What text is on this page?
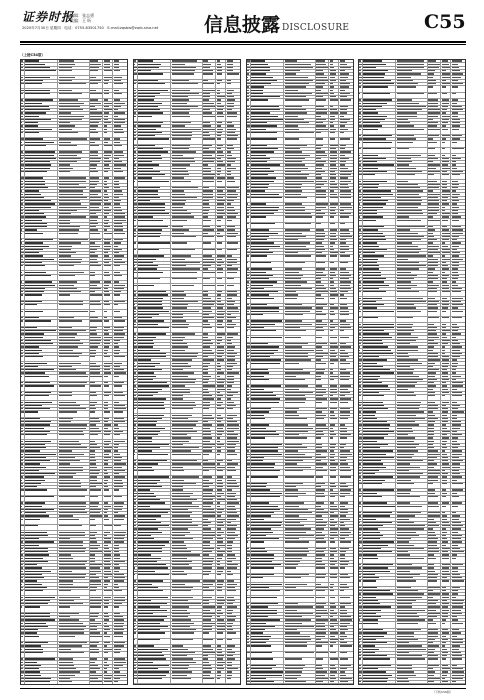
证券时报
编辑：张志勇
美编：王 昕
2020年7月30日 星期四　电话：0755-83501750　E-mail:zqsbw@zqrb.sina.net 信息披露 DISCLOSURE	C55
（上接C54版）
（下转C56版）
